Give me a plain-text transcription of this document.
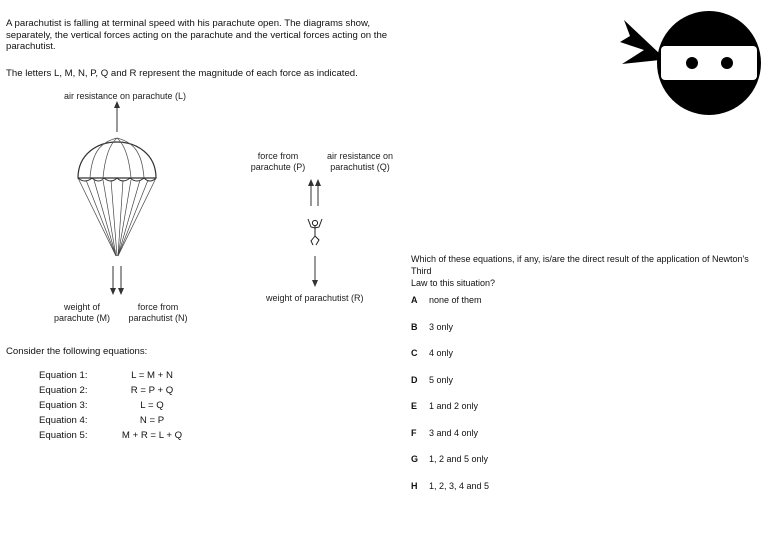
A parachutist is falling at terminal speed with his parachute open. The diagrams show,
separately, the vertical forces acting on the parachute and the vertical forces acting on the
parachutist.
The letters L, M, N, P, Q and R represent the magnitude of each force as indicated.
air resistance on parachute (L)
weight of
parachute (M)
force from
parachutist (N)
force from
parachute (P)
air resistance on
parachutist (Q)
weight of parachutist (R)
Consider the following equations:
Equation 1:	L = M + N
Equation 2:	R = P + Q
Equation 3:	L = Q
Equation 4:	N = P
Equation 5:	M + R = L + Q
Which of these equations, if any, is/are the direct result of the application of Newton's Third
Law to this situation?
A	none of them
B	3 only
C	4 only
D	5 only
E	1 and 2 only
F	3 and 4 only
G	1, 2 and 5 only
H	1, 2, 3, 4 and 5
